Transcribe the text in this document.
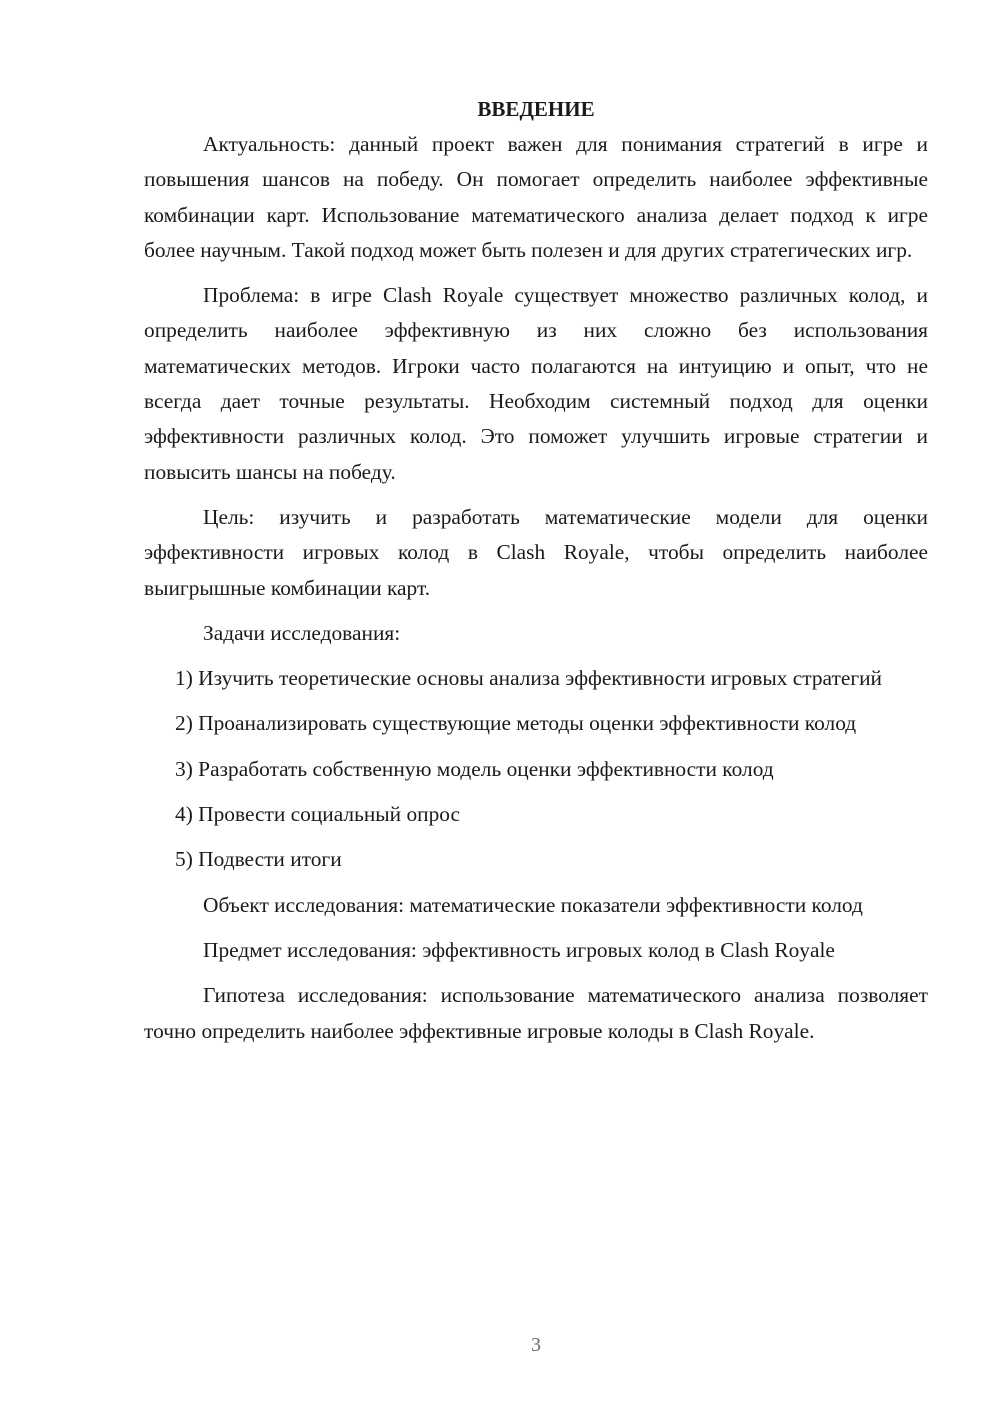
ВВЕДЕНИЕ

Актуальность: данный проект важен для понимания стратегий в игре и повышения шансов на победу. Он помогает определить наиболее эффективные комбинации карт. Использование математического анализа делает подход к игре более научным. Такой подход может быть полезен и для других стратегических игр.

Проблема: в игре Clash Royale существует множество различных колод, и определить наиболее эффективную из них сложно без использования математических методов. Игроки часто полагаются на интуицию и опыт, что не всегда дает точные результаты. Необходим системный подход для оценки эффективности различных колод. Это поможет улучшить игровые стратегии и повысить шансы на победу.

Цель: изучить и разработать математические модели для оценки эффективности игровых колод в Clash Royale, чтобы определить наиболее выигрышные комбинации карт.

Задачи исследования:

1) Изучить теоретические основы анализа эффективности игровых стратегий

2) Проанализировать существующие методы оценки эффективности колод

3) Разработать собственную модель оценки эффективности колод

4) Провести социальный опрос

5) Подвести итоги

Объект исследования: математические показатели эффективности колод

Предмет исследования: эффективность игровых колод в Clash Royale

Гипотеза исследования: использование математического анализа позволяет точно определить наиболее эффективные игровые колоды в Clash Royale.

3
